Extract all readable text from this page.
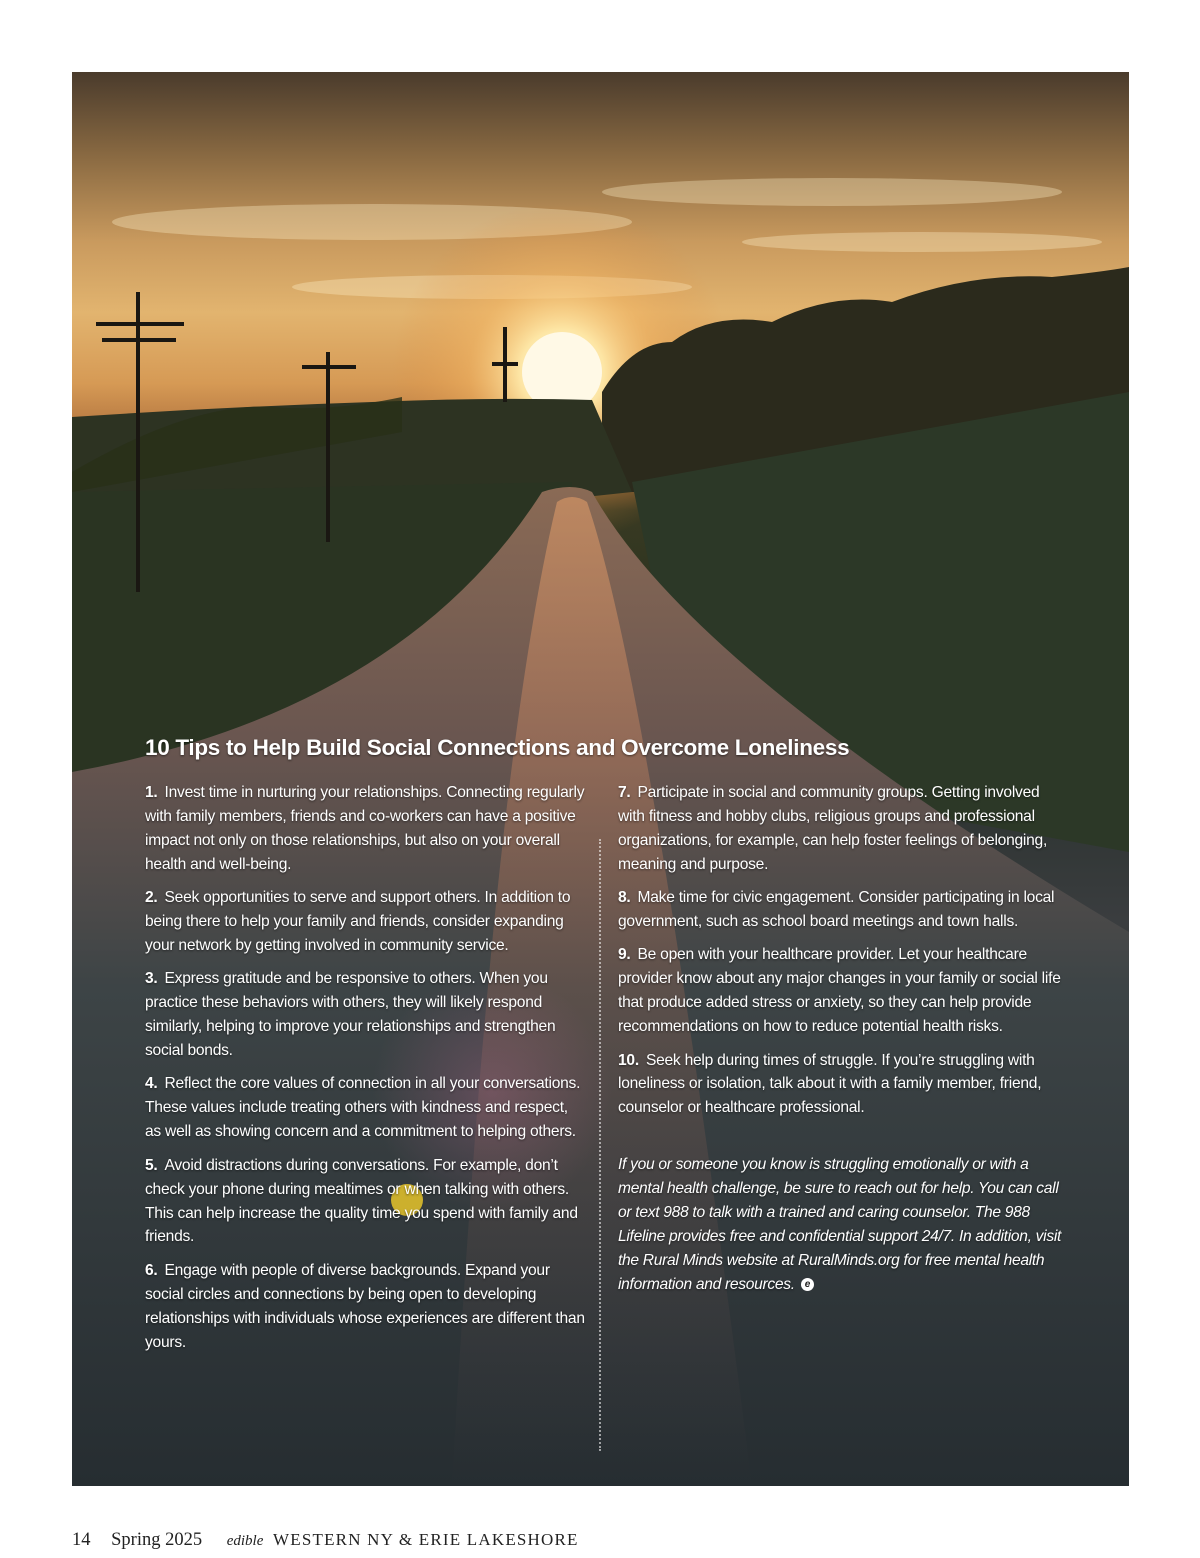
10 Tips to Help Build Social Connections and Overcome Loneliness

1. Invest time in nurturing your relationships. Connecting regularly with family members, friends and co-workers can have a positive impact not only on those relationships, but also on your overall health and well-being.

2. Seek opportunities to serve and support others. In addition to being there to help your family and friends, consider expanding your network by getting involved in community service.

3. Express gratitude and be responsive to others. When you practice these behaviors with others, they will likely respond similarly, helping to improve your relationships and strengthen social bonds.

4. Reflect the core values of connection in all your conversations. These values include treating others with kindness and respect, as well as showing concern and a commitment to helping others.

5. Avoid distractions during conversations. For example, don’t check your phone during mealtimes or when talking with others. This can help increase the quality time you spend with family and friends.

6. Engage with people of diverse backgrounds. Expand your social circles and connections by being open to developing relationships with individuals whose experiences are different than yours.

7. Participate in social and community groups. Getting involved with fitness and hobby clubs, religious groups and professional organizations, for example, can help foster feelings of belonging, meaning and purpose.

8. Make time for civic engagement. Consider participating in local government, such as school board meetings and town halls.

9. Be open with your healthcare provider. Let your healthcare provider know about any major changes in your family or social life that produce added stress or anxiety, so they can help provide recommendations on how to reduce potential health risks.

10. Seek help during times of struggle. If you’re struggling with loneliness or isolation, talk about it with a family member, friend, counselor or healthcare professional.

If you or someone you know is struggling emotionally or with a mental health challenge, be sure to reach out for help. You can call or text 988 to talk with a trained and caring counselor. The 988 Lifeline provides free and confidential support 24/7. In addition, visit the Rural Minds website at RuralMinds.org for free mental health information and resources. e

14 Spring 2025 edible WESTERN NY & ERIE LAKESHORE
